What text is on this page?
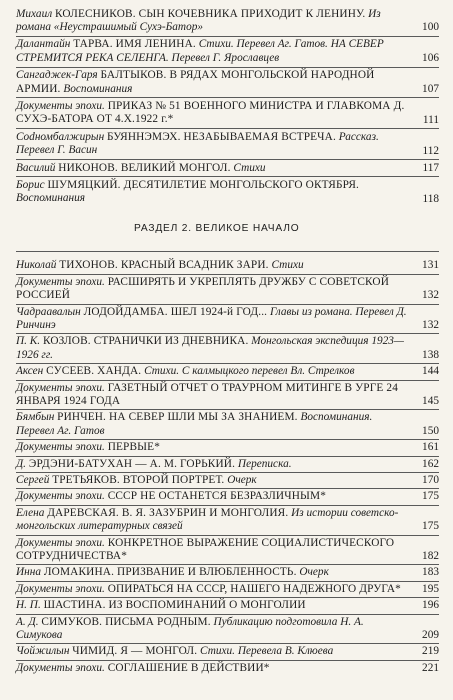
Михаил КОЛЕСНИКОВ. СЫН КОЧЕВНИКА ПРИХОДИТ К ЛЕНИНУ. Из романа «Неустрашимый Сухэ-Батор»	100
Далантайн ТАРВА. ИМЯ ЛЕНИНА. Стихи. Перевел Аг. Гатов. НА СЕВЕР СТРЕМИТСЯ РЕКА СЕЛЕНГА. Перевел Г. Ярославцев	106
Сангаджек-Гаря БАЛТЫКОВ. В РЯДАХ МОНГОЛЬСКОЙ НАРОДНОЙ АРМИИ. Воспоминания	107
Документы эпохи. ПРИКАЗ № 51 ВОЕННОГО МИНИСТРА И ГЛАВКОМА Д. СУХЭ-БАТОРА ОТ 4.Х.1922 г.*	111
Сodномбалжирын БУЯННЭМЭХ. НЕЗАБЫВАЕМАЯ ВСТРЕЧА. Рассказ. Перевел Г. Васин	112
Василий НИКОНОВ. ВЕЛИКИЙ МОНГОЛ. Стихи	117
Борис ШУМЯЦКИЙ. ДЕСЯТИЛЕТИЕ МОНГОЛЬСКОГО ОКТЯБРЯ. Воспоминания	118
РАЗДЕЛ 2. ВЕЛИКОЕ НАЧАЛО
Николай ТИХОНОВ. КРАСНЫЙ ВСАДНИК ЗАРИ. Стихи	131
Документы эпохи. РАСШИРЯТЬ И УКРЕПЛЯТЬ ДРУЖБУ С СОВЕТСКОЙ РОССИЕЙ	132
Чадраавалын ЛОДОЙДАМБА. ШЕЛ 1924-й ГОД... Главы из романа. Перевел Д. Ринчинэ	132
П. К. КОЗЛОВ. СТРАНИЧКИ ИЗ ДНЕВНИКА. Монгольская экспедиция 1923—1926 гг.	138
Аксен СУСЕЕВ. ХАНДА. Стихи. С калмыцкого перевел Вл. Стрелков	144
Документы эпохи. ГАЗЕТНЫЙ ОТЧЕТ О ТРАУРНОМ МИТИНГЕ В УРГЕ 24 ЯНВАРЯ 1924 ГОДА	145
Бямбын РИНЧЕН. НА СЕВЕР ШЛИ МЫ ЗА ЗНАНИЕМ. Воспоминания. Перевел Аг. Гатов	150
Документы эпохи. ПЕРВЫЕ*	161
Д. ЭРДЭНИ-БАТУХАН — А. М. ГОРЬКИЙ. Переписка.	162
Сергей ТРЕТЬЯКОВ. ВТОРОЙ ПОРТРЕТ. Очерк	170
Документы эпохи. СССР НЕ ОСТАНЕТСЯ БЕЗРАЗЛИЧНЫМ*	175
Елена ДАРЕВСКАЯ. В. Я. ЗАЗУБРИН И МОНГОЛИЯ. Из истории советско-монгольских литературных связей	175
Документы эпохи. КОНКРЕТНОЕ ВЫРАЖЕНИЕ СОЦИАЛИСТИЧЕСКОГО СОТРУДНИЧЕСТВА*	182
Инна ЛОМАКИНА. ПРИЗВАНИЕ И ВЛЮБЛЕННОСТЬ. Очерк	183
Документы эпохи. ОПИРАТЬСЯ НА СССР, НАШЕГО НАДЕЖНОГО ДРУГА*	195
Н. П. ШАСТИНА. ИЗ ВОСПОМИНАНИЙ О МОНГОЛИИ	196
А. Д. СИМУКОВ. ПИСЬМА РОДНЫМ. Публикацию подготовила Н. А. Симукова	209
Чойжилын ЧИМИД. Я — МОНГОЛ. Стихи. Перевела В. Клюева	219
Документы эпохи. СОГЛАШЕНИЕ В ДЕЙСТВИИ*	221
